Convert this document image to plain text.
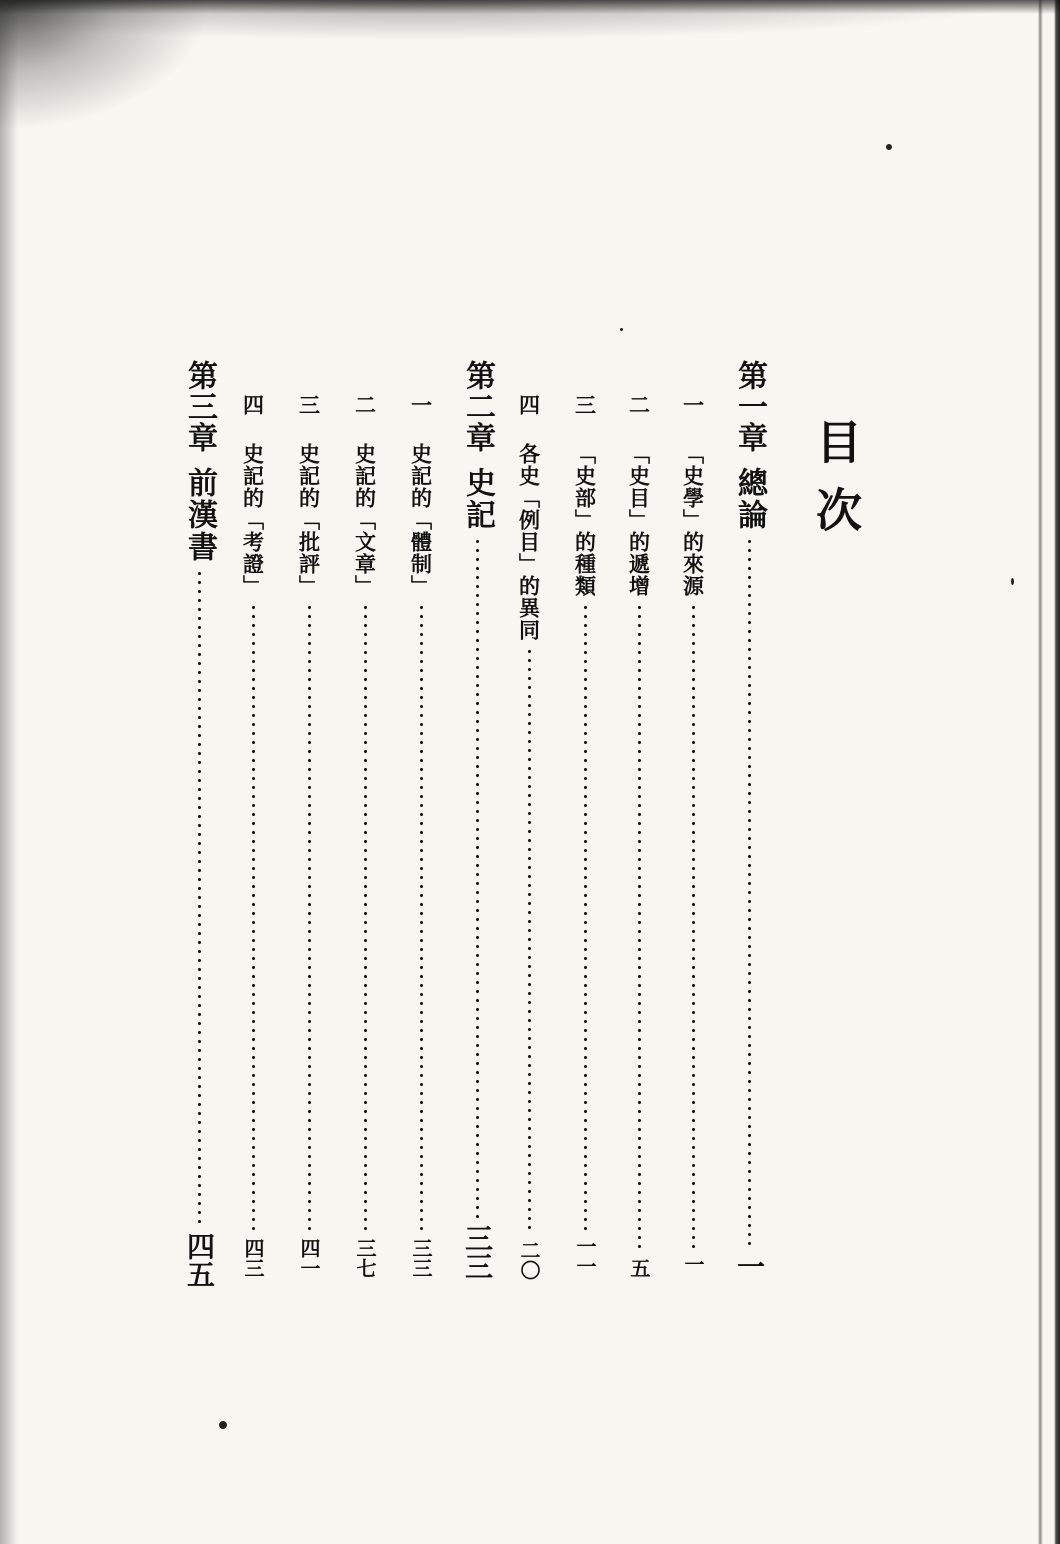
目次
第一章
總論
一
一
「史學」的來源
一
二
「史目」的遞增
五
三
「史部」的種類
一一
四
各史「例目」的異同
二〇
第二章
史記
三三
一
史記的「體制」
三三
二
史記的「文章」
三七
三
史記的「批評」
四一
四
史記的「考證」
四三
第三章
前漢書
四五
